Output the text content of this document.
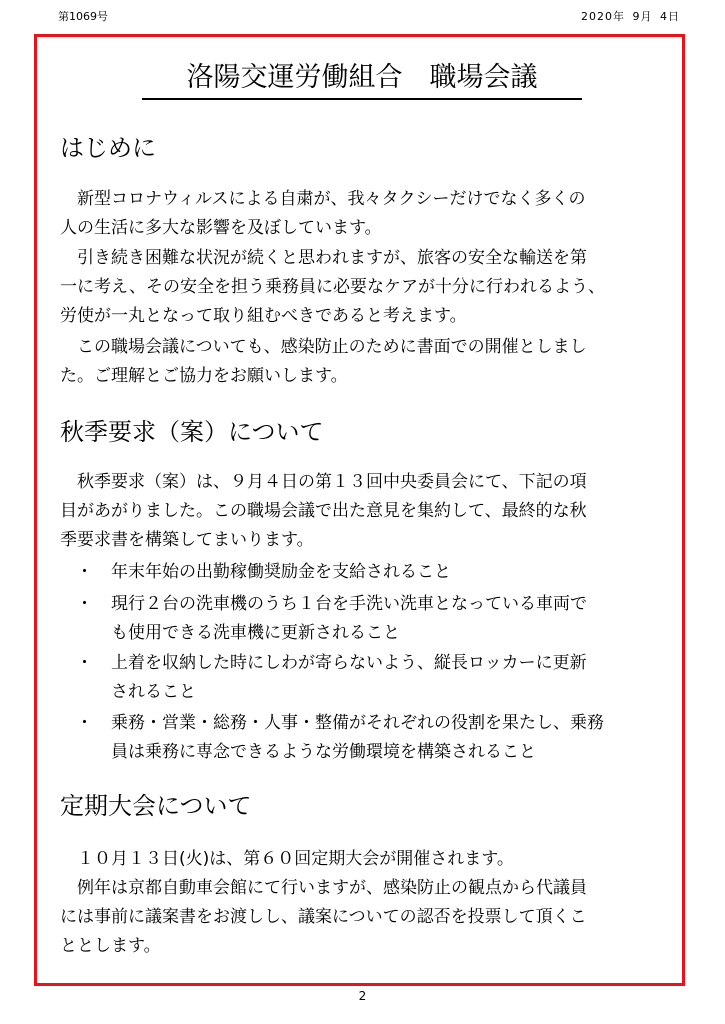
第1069号	2020年 9月 4日
洛陽交運労働組合　職場会議
はじめに
　新型コロナウィルスによる自粛が、我々タクシーだけでなく多くの
人の生活に多大な影響を及ぼしています。
　引き続き困難な状況が続くと思われますが、旅客の安全な輸送を第
一に考え、その安全を担う乗務員に必要なケアが十分に行われるよう、
労使が一丸となって取り組むべきであると考えます。
　この職場会議についても、感染防止のために書面での開催としまし
た。ご理解とご協力をお願いします。
秋季要求（案）について
　秋季要求（案）は、９月４日の第１３回中央委員会にて、下記の項
目があがりました。この職場会議で出た意見を集約して、最終的な秋
季要求書を構築してまいります。
・ 年末年始の出勤稼働奨励金を支給されること
・ 現行２台の洗車機のうち１台を手洗い洗車となっている車両で
も使用できる洗車機に更新されること
・ 上着を収納した時にしわが寄らないよう、縦長ロッカーに更新
されること
・ 乗務・営業・総務・人事・整備がそれぞれの役割を果たし、乗務
員は乗務に専念できるような労働環境を構築されること
定期大会について
　１０月１３日(火)は、第６０回定期大会が開催されます。
　例年は京都自動車会館にて行いますが、感染防止の観点から代議員
には事前に議案書をお渡しし、議案についての認否を投票して頂くこ
ととします。
2
